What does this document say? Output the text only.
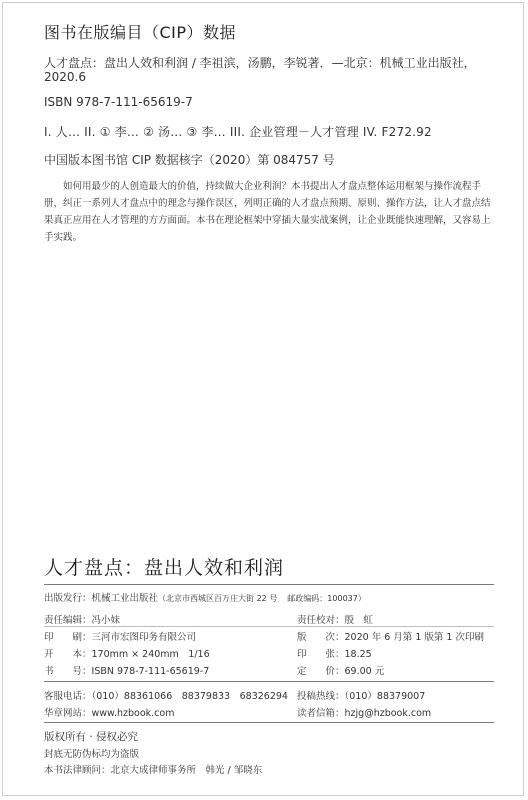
图书在版编目（CIP）数据
人才盘点：盘出人效和利润 / 李祖滨，汤鹏，李锐著．—北京：机械工业出版社，
2020.6
ISBN 978-7-111-65619-7
I. 人… II. ① 李… ② 汤… ③ 李… III. 企业管理－人才管理 IV. F272.92
中国版本图书馆 CIP 数据核字（2020）第 084757 号
如何用最少的人创造最大的价值，持续做大企业利润？本书提出人才盘点整体运用框架与操作流程手册，纠正一系列人才盘点中的理念与操作误区，列明正确的人才盘点预期、原则、操作方法，让人才盘点结果真正应用在人才管理的方方面面。本书在理论框架中穿插大量实战案例，让企业既能快速理解，又容易上手实践。
人才盘点：盘出人效和利润
出版发行：机械工业出版社（北京市西城区百万庄大街 22 号 邮政编码：100037）
责任编辑：冯小妹
印　　刷：三河市宏图印务有限公司
开　　本：170mm × 240mm　1/16
书　　号：ISBN 978-7-111-65619-7
责任校对：殷　虹
版　　次：2020 年 6 月第 1 版第 1 次印刷
印　　张：18.25
定　　价：69.00 元
客服电话：（010）88361066　88379833　68326294 投稿热线：（010）88379007
华章网站：www.hzbook.com	读者信箱：hzjg@hzbook.com
版权所有 · 侵权必究
封底无防伪标均为盗版
本书法律顾问：北京大成律师事务所　韩光 / 邹晓东
